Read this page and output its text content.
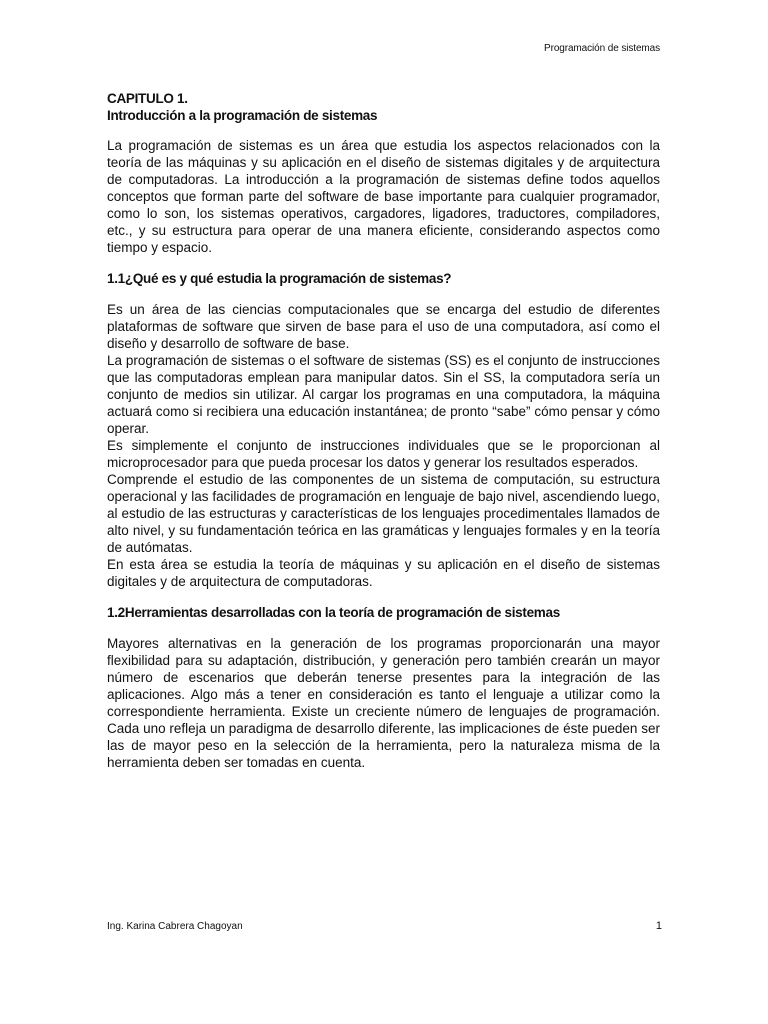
Programación de sistemas

CAPITULO 1.

Introducción a la programación de sistemas

La programación de sistemas es un área que estudia los aspectos relacionados con la teoría de las máquinas y su aplicación en el diseño de sistemas digitales y de arquitectura de computadoras. La introducción a la programación de sistemas define todos aquellos conceptos que forman parte del software de base importante para cualquier programador, como lo son, los sistemas operativos, cargadores, ligadores, traductores, compiladores, etc., y su estructura para operar de una manera eficiente, considerando aspectos como tiempo y espacio.

1.1¿Qué es y qué estudia la programación de sistemas?

Es un área de las ciencias computacionales que se encarga del estudio de diferentes plataformas de software que sirven de base para el uso de una computadora, así como el diseño y desarrollo de software de base.

La programación de sistemas o el software de sistemas (SS) es el conjunto de instrucciones que las computadoras emplean para manipular datos. Sin el SS, la computadora sería un conjunto de medios sin utilizar. Al cargar los programas en una computadora, la máquina actuará como si recibiera una educación instantánea; de pronto “sabe” cómo pensar y cómo operar.

Es simplemente el conjunto de instrucciones individuales que se le proporcionan al microprocesador para que pueda procesar los datos y generar los resultados esperados.

Comprende el estudio de las componentes de un sistema de computación, su estructura operacional y las facilidades de programación en lenguaje de bajo nivel, ascendiendo luego, al estudio de las estructuras y características de los lenguajes procedimentales llamados de alto nivel, y su fundamentación teórica en las gramáticas y lenguajes formales y en la teoría de autómatas.

En esta área se estudia la teoría de máquinas y su aplicación en el diseño de sistemas digitales y de arquitectura de computadoras.

1.2Herramientas desarrolladas con la teoría de programación de sistemas

Mayores alternativas en la generación de los programas proporcionarán una mayor flexibilidad para su adaptación, distribución, y generación pero también crearán un mayor número de escenarios que deberán tenerse presentes para la integración de las aplicaciones. Algo más a tener en consideración es tanto el lenguaje a utilizar como la correspondiente herramienta. Existe un creciente número de lenguajes de programación. Cada uno refleja un paradigma de desarrollo diferente, las implicaciones de éste pueden ser las de mayor peso en la selección de la herramienta, pero la naturaleza misma de la herramienta deben ser tomadas en cuenta.

Ing. Karina Cabrera Chagoyan	1
